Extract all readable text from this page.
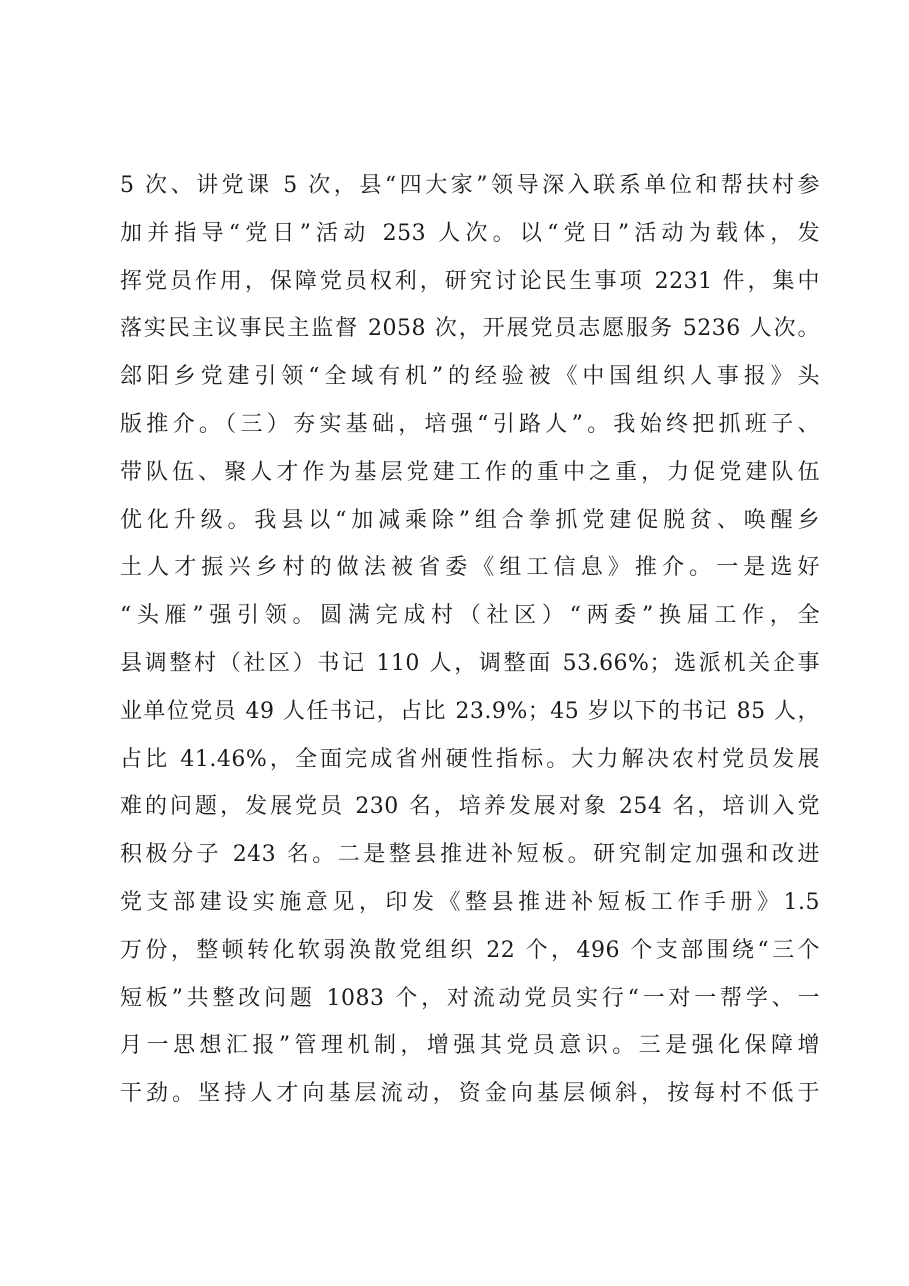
5 次、讲党课 5 次，县“四大家”领导深入联系单位和帮扶村参
加并指导“党日”活动 253 人次。以“党日”活动为载体，发
挥党员作用，保障党员权利，研究讨论民生事项 2231 件，集中
落实民主议事民主监督 2058 次，开展党员志愿服务 5236 人次。
郐阳乡党建引领“全域有机”的经验被《中国组织人事报》头
版推介。（三）夯实基础，培强“引路人”。我始终把抓班子、
带队伍、聚人才作为基层党建工作的重中之重，力促党建队伍
优化升级。我县以“加减乘除”组合拳抓党建促脱贫、唤醒乡
土人才振兴乡村的做法被省委《组工信息》推介。一是选好
“头雁”强引领。圆满完成村（社区）“两委”换届工作，全
县调整村（社区）书记 110 人，调整面 53.66%；选派机关企事
业单位党员 49 人任书记，占比 23.9%；45 岁以下的书记 85 人，
占比 41.46%，全面完成省州硬性指标。大力解决农村党员发展
难的问题，发展党员 230 名，培养发展对象 254 名，培训入党
积极分子 243 名。二是整县推进补短板。研究制定加强和改进
党支部建设实施意见，印发《整县推进补短板工作手册》1.5
万份，整顿转化软弱涣散党组织 22 个，496 个支部围绕“三个
短板”共整改问题 1083 个，对流动党员实行“一对一帮学、一
月一思想汇报”管理机制，增强其党员意识。三是强化保障增
干劲。坚持人才向基层流动，资金向基层倾斜，按每村不低于
